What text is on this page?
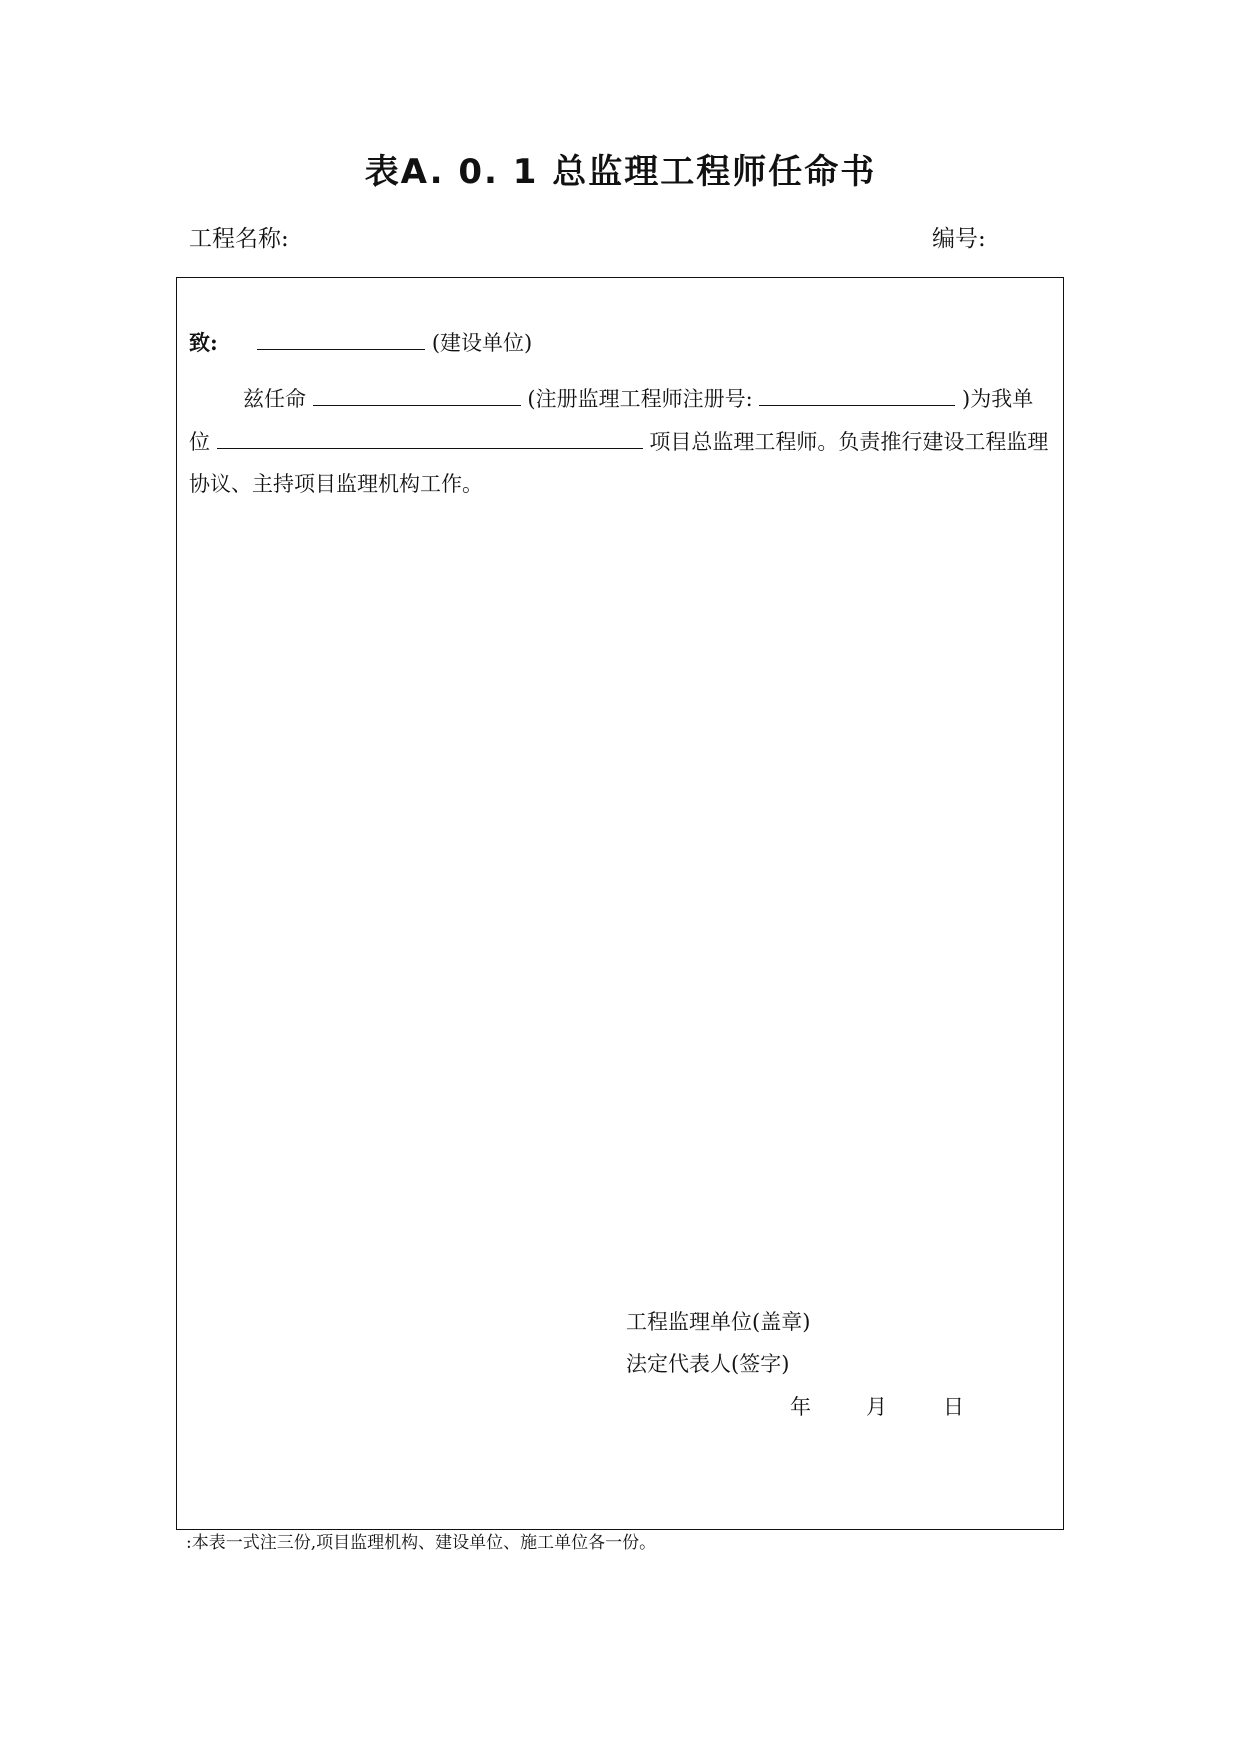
表A. 0. 1 总监理工程师任命书
工程名称:	编号:
致:	(建设单位)
兹任命	(注册监理工程师注册号:	)为我单
位	项目总监理工程师。负责推行建设工程监理
协议、主持项目监理机构工作。
工程监理单位(盖章)
法定代表人(签字)
年	月	日
:本表一式注三份,项目监理机构、建设单位、施工单位各一份。
